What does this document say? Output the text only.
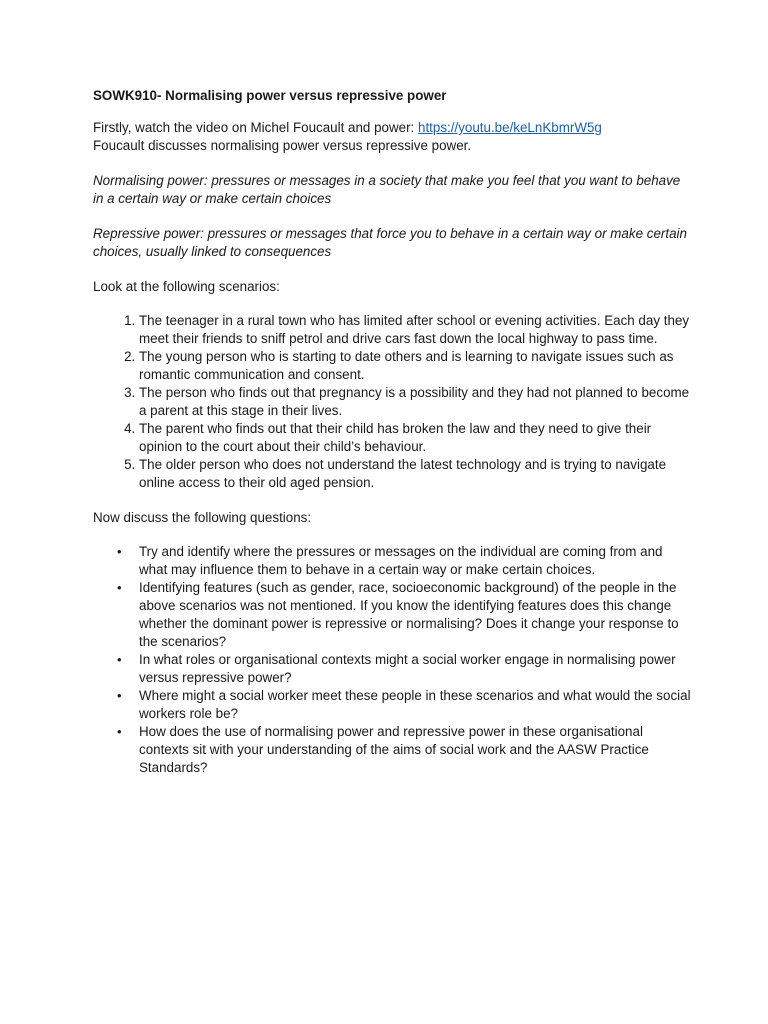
SOWK910- Normalising power versus repressive power

Firstly, watch the video on Michel Foucault and power: https://youtu.be/keLnKbmrW5g

Foucault discusses normalising power versus repressive power.

Normalising power: pressures or messages in a society that make you feel that you want to behave in a certain way or make certain choices

Repressive power: pressures or messages that force you to behave in a certain way or make certain choices, usually linked to consequences

Look at the following scenarios:

1. The teenager in a rural town who has limited after school or evening activities. Each day they meet their friends to sniff petrol and drive cars fast down the local highway to pass time.
2. The young person who is starting to date others and is learning to navigate issues such as romantic communication and consent.
3. The person who finds out that pregnancy is a possibility and they had not planned to become a parent at this stage in their lives.
4. The parent who finds out that their child has broken the law and they need to give their opinion to the court about their child’s behaviour.
5. The older person who does not understand the latest technology and is trying to navigate online access to their old aged pension.

Now discuss the following questions:

• Try and identify where the pressures or messages on the individual are coming from and what may influence them to behave in a certain way or make certain choices.
• Identifying features (such as gender, race, socioeconomic background) of the people in the above scenarios was not mentioned. If you know the identifying features does this change whether the dominant power is repressive or normalising? Does it change your response to the scenarios?
• In what roles or organisational contexts might a social worker engage in normalising power versus repressive power?
• Where might a social worker meet these people in these scenarios and what would the social workers role be?
• How does the use of normalising power and repressive power in these organisational contexts sit with your understanding of the aims of social work and the AASW Practice Standards?
